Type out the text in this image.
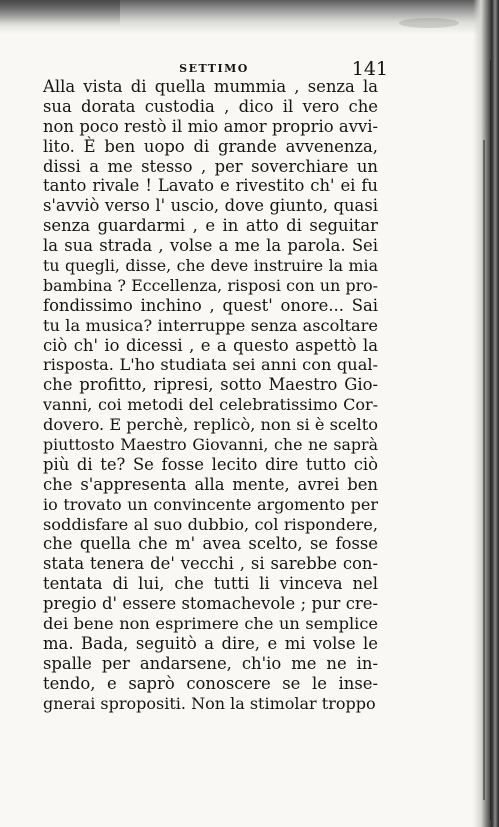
SETTIMO	141
Alla vista di quella mummia , senza la
sua dorata custodia , dico il vero che
non poco restò il mio amor proprio avvi-
lito. È ben uopo di grande avvenenza,
dissi a me stesso , per soverchiare un
tanto rivale ! Lavato e rivestito ch' ei fu
s'avviò verso l' uscio, dove giunto, quasi
senza guardarmi , e in atto di seguitar
la sua strada , volse a me la parola. Sei
tu quegli, disse, che deve instruire la mia
bambina ? Eccellenza, risposi con un pro-
fondissimo inchino , quest' onore... Sai
tu la musica? interruppe senza ascoltare
ciò ch' io dicessi , e a questo aspettò la
risposta. L'ho studiata sei anni con qual-
che profitto, ripresi, sotto Maestro Gio-
vanni, coi metodi del celebratissimo Cor-
dovero. E perchè, replicò, non si è scelto
piuttosto Maestro Giovanni, che ne saprà
più di te? Se fosse lecito dire tutto ciò
che s'appresenta alla mente, avrei ben
io trovato un convincente argomento per
soddisfare al suo dubbio, col rispondere,
che quella che m' avea scelto, se fosse
stata tenera de' vecchi , si sarebbe con-
tentata di lui, che tutti li vinceva nel
pregio d' essere stomachevole ; pur cre-
dei bene non esprimere che un semplice
ma. Bada, seguitò a dire, e mi volse le
spalle per andarsene, ch'io me ne in-
tendo, e saprò conoscere se le inse-
gnerai spropositi. Non la stimolar troppo
